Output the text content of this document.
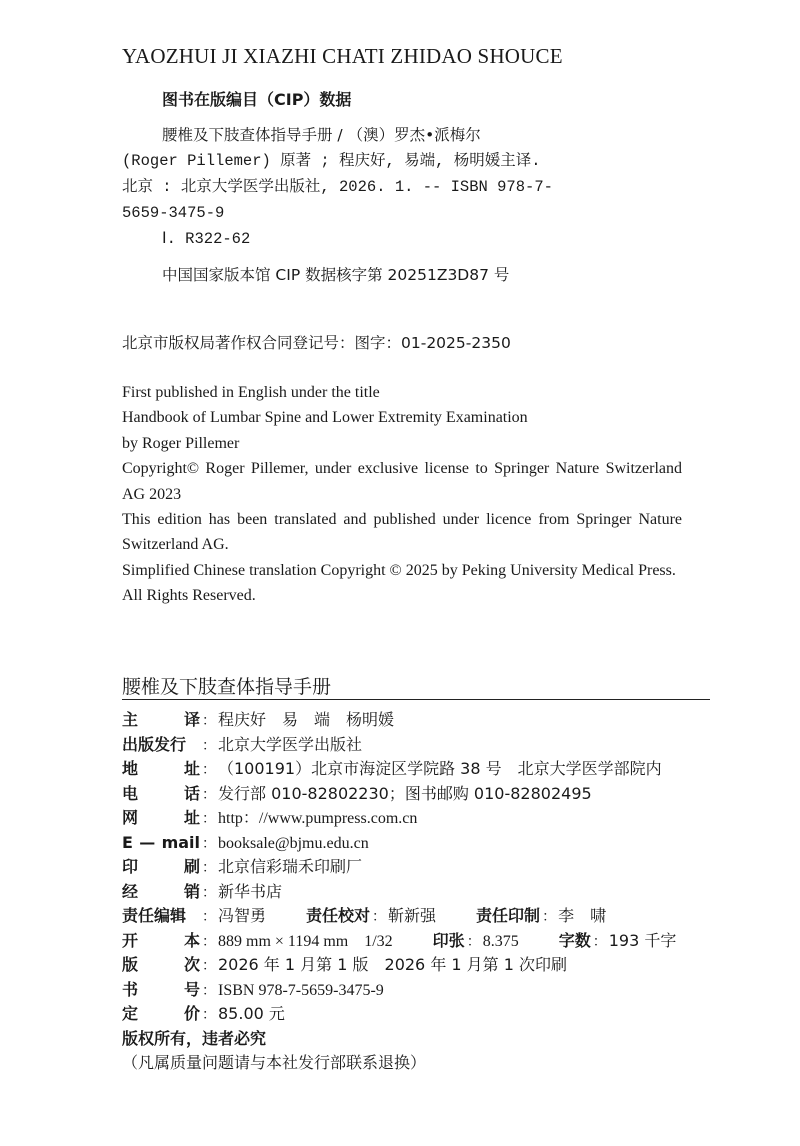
YAOZHUI JI XIAZHI CHATI ZHIDAO SHOUCE
图书在版编目（CIP）数据
腰椎及下肢查体指导手册 / （澳）罗杰•派梅尔
(Roger Pillemer) 原著 ; 程庆好, 易端, 杨明媛主译.
北京 : 北京大学医学出版社, 2026. 1. -- ISBN 978-7-
5659-3475-9
Ⅰ. R322-62
中国国家版本馆 CIP 数据核字第 20251Z3D87 号
北京市版权局著作权合同登记号：图字：01-2025-2350

First published in English under the title

Handbook of Lumbar Spine and Lower Extremity Examination

by Roger Pillemer

Copyright© Roger Pillemer, under exclusive license to Springer Nature Switzerland AG 2023

This edition has been translated and published under licence from Springer Nature Switzerland AG.

Simplified Chinese translation Copyright © 2025 by Peking University Medical Press.

All Rights Reserved.

腰椎及下肢查体指导手册
主	译 ： 程庆好　易　端　杨明媛
出版发行 ： 北京大学医学出版社
地	址 ： （100191）北京市海淀区学院路 38 号　北京大学医学部院内
电	话 ： 发行部 010-82802230；图书邮购 010-82802495
网	址 ： http：//www.pumpress.com.cn
E — mail ： booksale@bjmu.edu.cn
印	刷 ： 北京信彩瑞禾印刷厂
经	销 ： 新华书店
责任编辑 ： 冯智勇	责任校对 ： 靳新强	责任印制 ： 李　啸
开	本 ： 889 mm × 1194 mm　1/32	印张 ： 8.375	字数 ： 193 千字
版	次 ： 2026 年 1 月第 1 版　2026 年 1 月第 1 次印刷
书	号 ： ISBN 978-7-5659-3475-9
定	价 ： 85.00 元
版权所有，违者必究
（凡属质量问题请与本社发行部联系退换）
